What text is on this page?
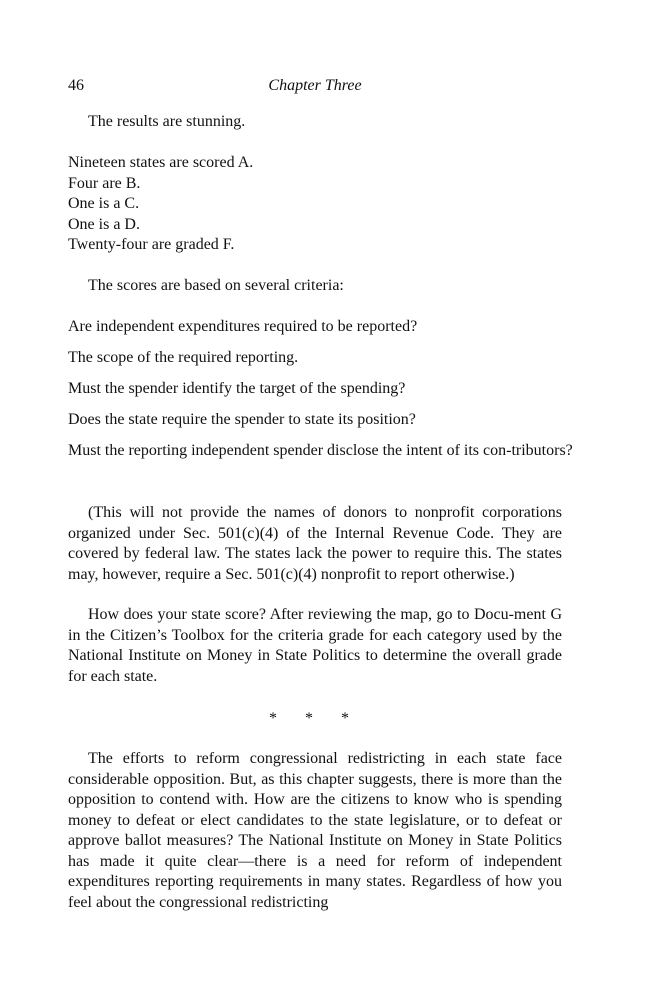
46	Chapter Three

The results are stunning.

Nineteen states are scored A.
Four are B.
One is a C.
One is a D.
Twenty-four are graded F.

The scores are based on several criteria:

Are independent expenditures required to be reported?

The scope of the required reporting.

Must the spender identify the target of the spending?

Does the state require the spender to state its position?

Must the reporting independent spender disclose the intent of its con-tributors?

(This will not provide the names of donors to nonprofit corporations organized under Sec. 501(c)(4) of the Internal Revenue Code. They are covered by federal law. The states lack the power to require this. The states may, however, require a Sec. 501(c)(4) nonprofit to report otherwise.)

How does your state score? After reviewing the map, go to Docu-ment G in the Citizen’s Toolbox for the criteria grade for each category used by the National Institute on Money in State Politics to determine the overall grade for each state.

* * *

The efforts to reform congressional redistricting in each state face considerable opposition. But, as this chapter suggests, there is more than the opposition to contend with. How are the citizens to know who is spending money to defeat or elect candidates to the state legislature, or to defeat or approve ballot measures? The National Institute on Money in State Politics has made it quite clear—there is a need for reform of independent expenditures reporting requirements in many states. Regardless of how you feel about the congressional redistricting
